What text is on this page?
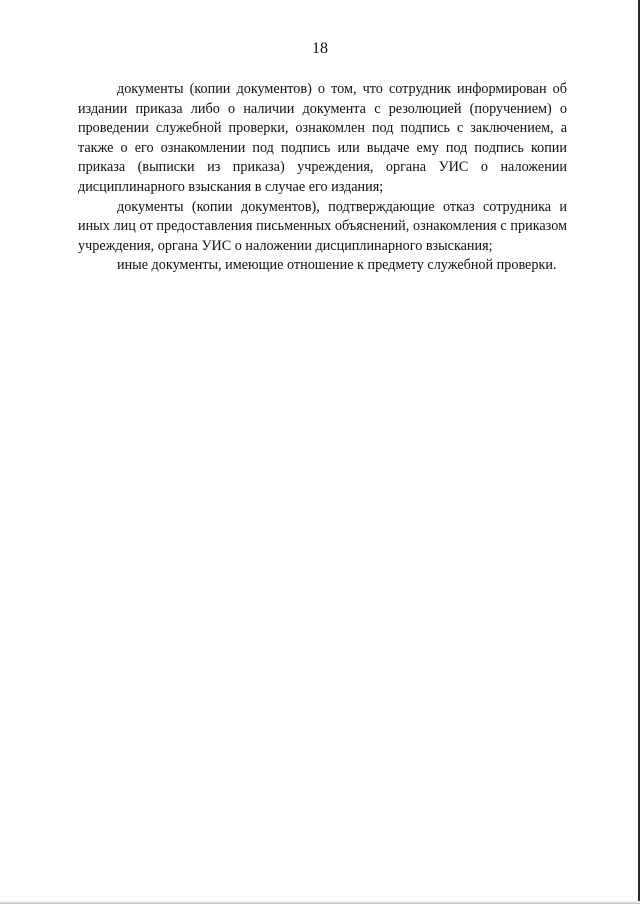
18

документы (копии документов) о том, что сотрудник информирован об издании приказа либо о наличии документа с резолюцией (поручением) о проведении служебной проверки, ознакомлен под подпись с заключением, а также о его ознакомлении под подпись или выдаче ему под подпись копии приказа (выписки из приказа) учреждения, органа УИС о наложении дисциплинарного взыскания в случае его издания;

документы (копии документов), подтверждающие отказ сотрудника и иных лиц от предоставления письменных объяснений, ознакомления с приказом учреждения, органа УИС о наложении дисциплинарного взыскания;

иные документы, имеющие отношение к предмету служебной проверки.
